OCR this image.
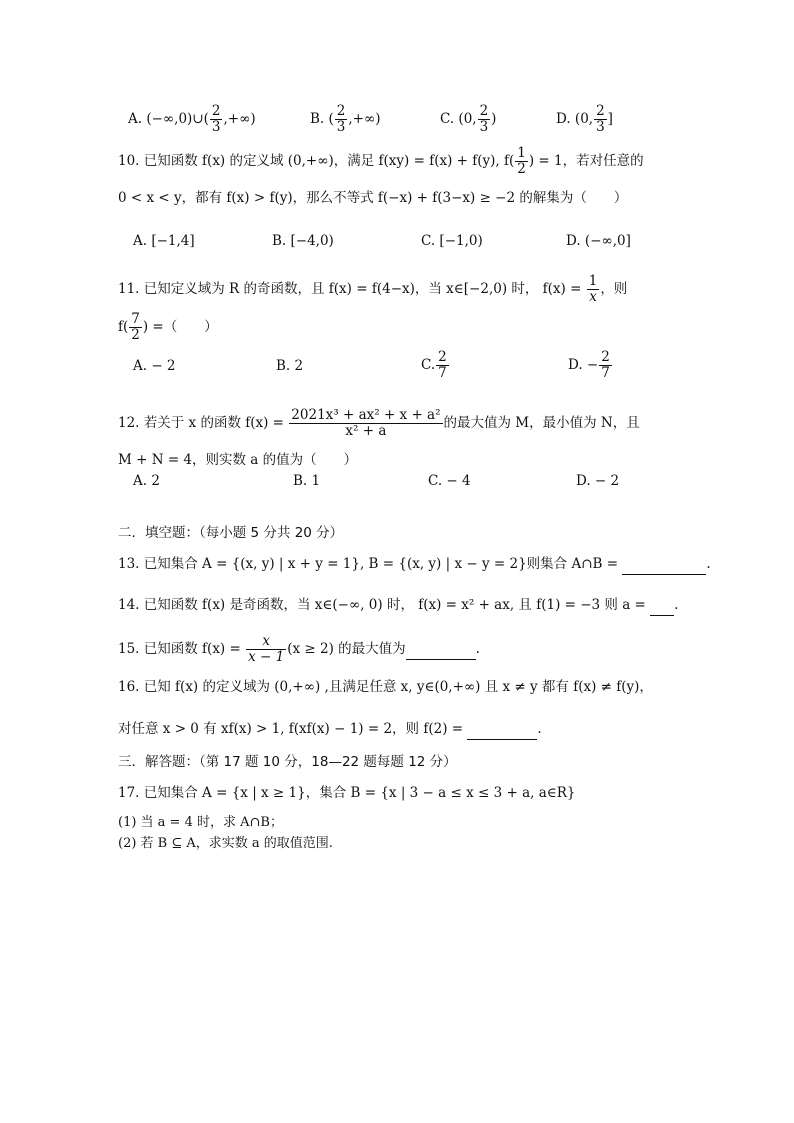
A. (−∞,0)∪( $\frac{2}{3}$ ,+∞)	B. ( $\frac{2}{3}$ ,+∞)	C. (0, $\frac{2}{3}$ )	D. (0, $\frac{2}{3}$ ]
10. 已知函数 f(x) 的定义域 (0,+∞)，满足 f(xy) = f(x) + f(y), $f( \frac{1}{2}$ ) = 1，若对任意的
0 < x < y，都有 f(x) > f(y)，那么不等式 f(−x) + f(3−x) ≥ −2 的解集为（　　）
A. [−1,4]	B. [−4,0)	C. [−1,0)	D. (−∞,0]
11. 已知定义域为 R 的奇函数，且 f(x) = f(4−x)，当 x∈[−2,0) 时， $f(x) = \frac{1}{x}$ ，则
$f( \frac{7}{2}$ ) =（　　）
A. − 2	B. 2	C. $\frac{2}{7}$	D. − $\frac{2}{7}$
12. 若关于 x 的函数 $f(x) = \frac{\text{2021x³ + ax² + x + a²}}{\text{x² + a}}$ 的最大值为 M，最小值为 N，且
M + N = 4，则实数 a 的值为（　　）
A. 2	B. 1	C. − 4	D. − 2
二．填空题：（每小题 5 分共 20 分）
13. 已知集合 A = {(x, y) | x + y = 1}, B = {(x, y) | x − y = 2}则集合 A∩B =	.
14. 已知函数 f(x) 是奇函数，当 x∈(−∞, 0) 时， f(x) = x² + ax, 且 f(1) = −3 则 a =  .
15. 已知函数 $f(x) = \frac{x}{x - 1} (x \ge 2)$ 的最大值为	.
16. 已知 f(x) 的定义域为 (0,+∞) ,且满足任意 x, y∈(0,+∞) 且 x ≠ y 都有 f(x) ≠ f(y)，
对任意 x > 0 有 xf(x) > 1, f(xf(x) − 1) = 2，则 f(2) =	.
三．解答题：（第 17 题 10 分，18—22 题每题 12 分）
17. 已知集合 A = {x | x ≥ 1}，集合 B = {x | 3 − a ≤ x ≤ 3 + a, a∈R}
(1) 当 a = 4 时，求 A∩B；
(2) 若 B ⊆ A，求实数 a 的取值范围.
